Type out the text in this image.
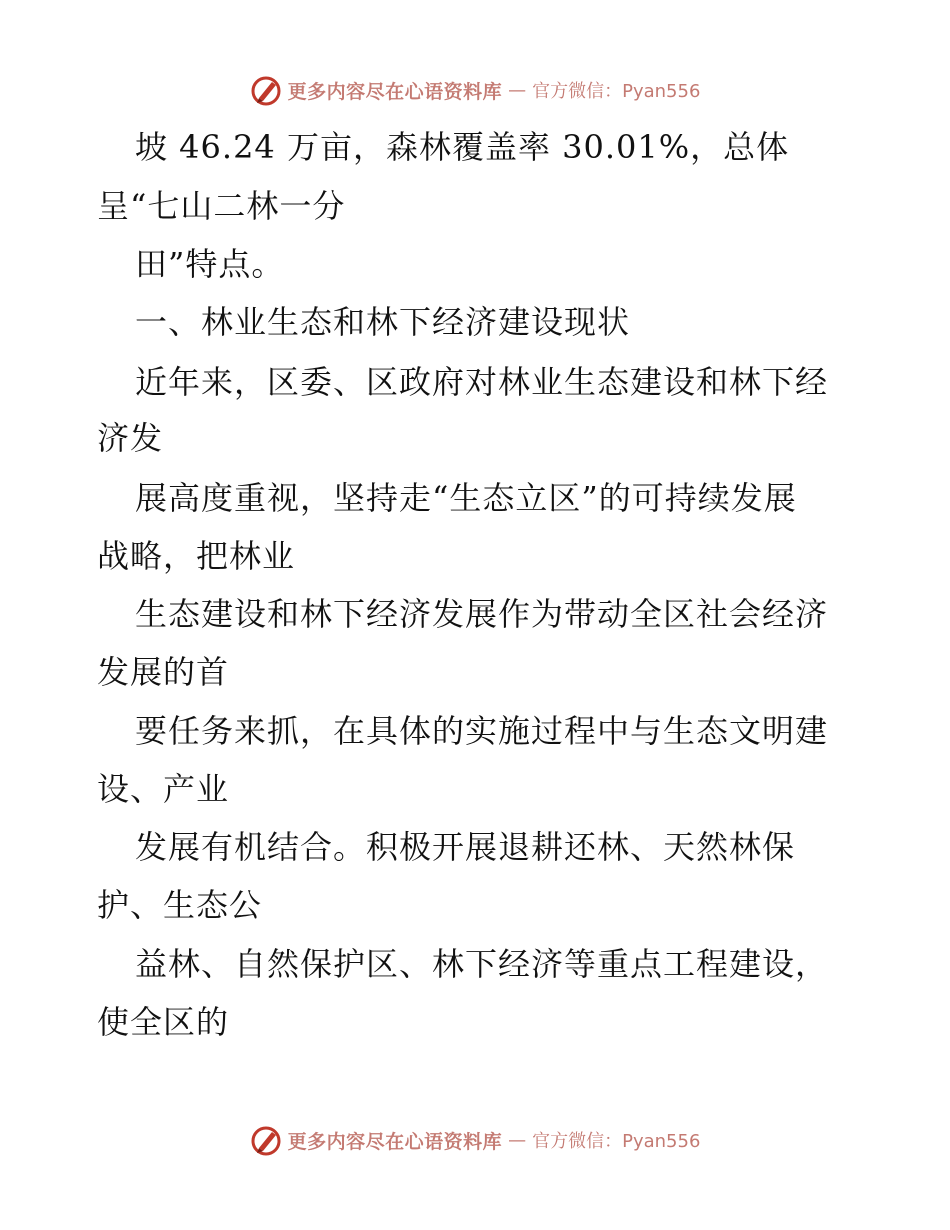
更多内容尽在心语资料库 — 官方微信：Pyan556
坡 46.24 万亩，森林覆盖率 30.01%，总体
呈“七山二林一分
田”特点。
一、林业生态和林下经济建设现状
近年来，区委、区政府对林业生态建设和林下经
济发
展高度重视，坚持走“生态立区”的可持续发展
战略，把林业
生态建设和林下经济发展作为带动全区社会经济
发展的首
要任务来抓，在具体的实施过程中与生态文明建
设、产业
发展有机结合。积极开展退耕还林、天然林保
护、生态公
益林、自然保护区、林下经济等重点工程建设，
使全区的
更多内容尽在心语资料库 — 官方微信：Pyan556
